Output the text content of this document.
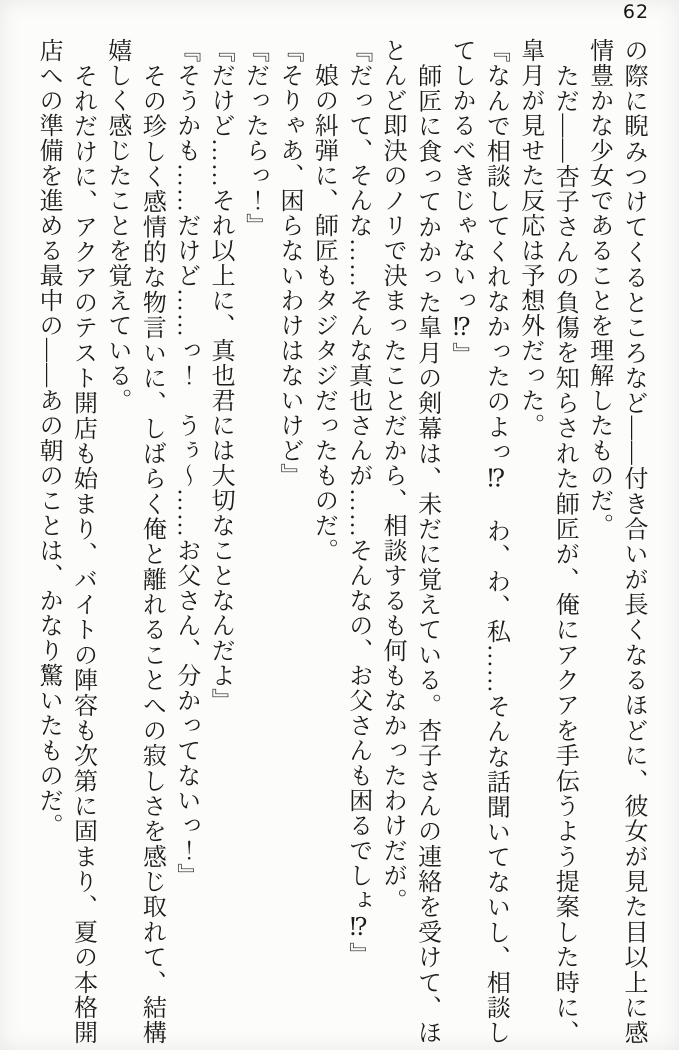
62

の際に睨みつけてくるところなど――付き合いが長くなるほどに、彼女が見た目以上に感情豊かな少女であることを理解したものだ。

　ただ――杏子さんの負傷を知らされた師匠が、俺にアクアを手伝うよう提案した時に、皐月が見せた反応は予想外だった。

『なんで相談してくれなかったのよっ⁉　わ、わ、私……そんな話聞いてないし、相談してしかるべきじゃないっ⁉』

　師匠に食ってかかった皐月の剣幕は、未だに覚えている。杏子さんの連絡を受けて、ほとんど即決のノリで決まったことだから、相談するも何もなかったわけだが。

『だって、そんな……そんな真也さんが……そんなの、お父さんも困るでしょ⁉』

　娘の糾弾に、師匠もタジタジだったものだ。

『そりゃあ、困らないわけはないけど』

『だったらっ！』

『だけど……それ以上に、真也君には大切なことなんだよ』

『そうかも……だけど……っ！　うぅ〜……お父さん、分かってないっ！』

　その珍しく感情的な物言いに、しばらく俺と離れることへの寂しさを感じ取れて、結構嬉しく感じたことを覚えている。

　それだけに、アクアのテスト開店も始まり、バイトの陣容も次第に固まり、夏の本格開店への準備を進める最中の――あの朝のことは、かなり驚いたものだ。
